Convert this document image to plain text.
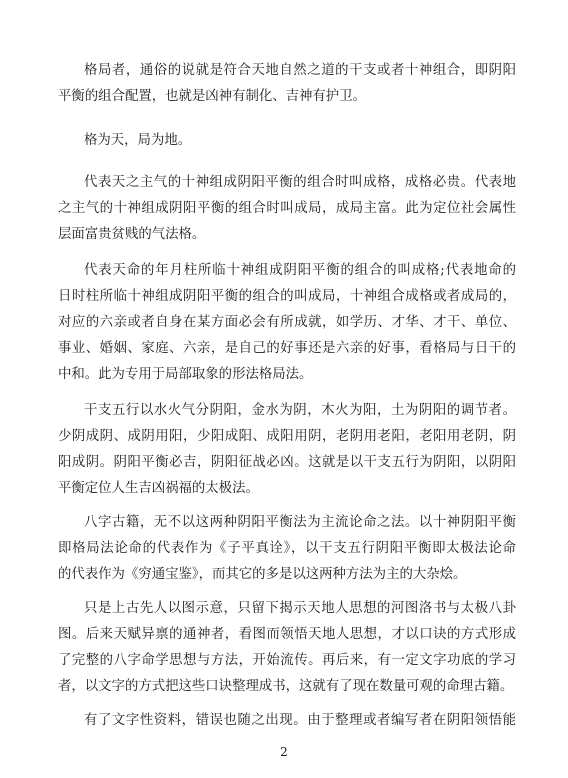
格局者，通俗的说就是符合天地自然之道的干支或者十神组合，即阴阳
平衡的组合配置，也就是凶神有制化、吉神有护卫。
格为天，局为地。
代表天之主气的十神组成阴阳平衡的组合时叫成格，成格必贵。代表地
之主气的十神组成阴阳平衡的组合时叫成局，成局主富。此为定位社会属性
层面富贵贫贱的气法格。
代表天命的年月柱所临十神组成阴阳平衡的组合的叫成格;代表地命的
日时柱所临十神组成阴阳平衡的组合的叫成局，十神组合成格或者成局的，
对应的六亲或者自身在某方面必会有所成就，如学历、才华、才干、单位、
事业、婚姻、家庭、六亲，是自己的好事还是六亲的好事，看格局与日干的
中和。此为专用于局部取象的形法格局法。
干支五行以水火气分阴阳，金水为阴，木火为阳，土为阴阳的调节者。
少阴成阴、成阴用阳，少阳成阳、成阳用阴，老阴用老阳，老阳用老阴，阴
阳成阴。阴阳平衡必吉，阴阳征战必凶。这就是以干支五行为阴阳，以阴阳
平衡定位人生吉凶祸福的太极法。
八字古籍，无不以这两种阴阳平衡法为主流论命之法。以十神阴阳平衡
即格局法论命的代表作为《子平真诠》，以干支五行阴阳平衡即太极法论命
的代表作为《穷通宝鉴》，而其它的多是以这两种方法为主的大杂烩。
只是上古先人以图示意，只留下揭示天地人思想的河图洛书与太极八卦
图。后来天赋异禀的通神者，看图而领悟天地人思想，才以口诀的方式形成
了完整的八字命学思想与方法，开始流传。再后来，有一定文字功底的学习
者，以文字的方式把这些口诀整理成书，这就有了现在数量可观的命理古籍。
有了文字性资料，错误也随之出现。由于整理或者编写者在阴阳领悟能
2
